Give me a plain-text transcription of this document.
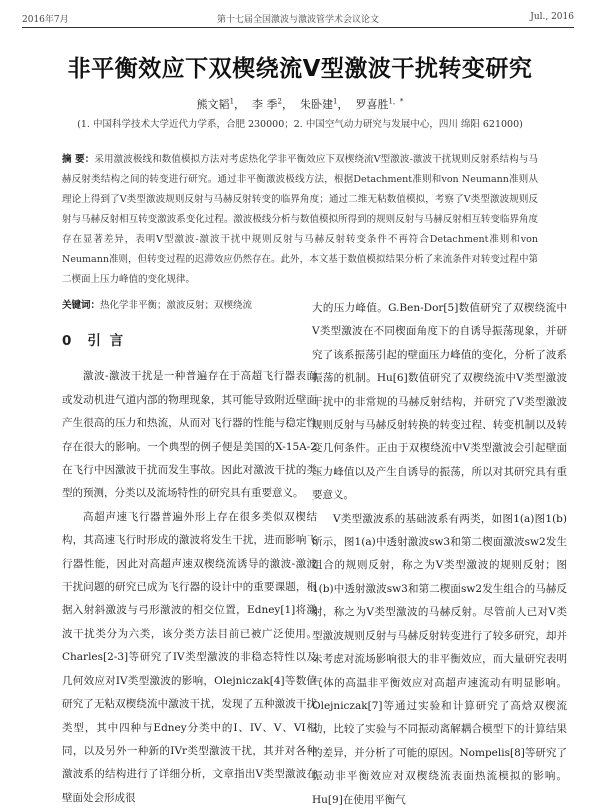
2016年7月	第十七届全国激波与激波管学术会议论文	Jul., 2016
非平衡效应下双楔绕流V型激波干扰转变研究
熊文韬$^1$，  李 季$^2$，  朱卧建$^1$，  罗喜胜$^{1,*}$
(1. 中国科学技术大学近代力学系，合肥 230000；2. 中国空气动力研究与发展中心，四川 绵阳 621000)
摘 要：采用激波极线和数值模拟方法对考虑热化学非平衡效应下双楔绕流V型激波-激波干扰规则反射系结构与马赫反射类结构之间的转变进行研究。通过非平衡激波极线方法，根据Detachment准则和von Neumann准则从理论上得到了V类型激波规则反射与马赫反射转变的临界角度；通过二维无粘数值模拟，考察了V类型激波规则反射与马赫反射相互转变激波系变化过程。激波极线分析与数值模拟所得到的规则反射与马赫反射相互转变临界角度存在显著差异，表明V型激波-激波干扰中规则反射与马赫反射转变条件不再符合Detachment准则和von Neumann准则，但转变过程的迟滞效应仍然存在。此外，本文基于数值模拟结果分析了来流条件对转变过程中第二楔面上压力峰值的变化规律。
关键词：热化学非平衡；激波反射；双楔绕流
0 引 言

激波-激波干扰是一种普遍存在于高超飞行器表面或发动机进气道内部的物理现象，其可能导致附近壁面产生很高的压力和热流，从而对飞行器的性能与稳定性存在很大的影响。一个典型的例子便是美国的X-15A-2在飞行中因激波干扰而发生事故。因此对激波干扰的类型的预测，分类以及流场特性的研究具有重要意义。

高超声速飞行器普遍外形上存在很多类似双楔结构，其高速飞行时形成的激波将发生干扰，进而影响飞行器性能，因此对高超声速双楔绕流诱导的激波-激波干扰问题的研究已成为飞行器的设计中的重要课题，根据入射斜激波与弓形激波的相交位置，Edney[1]将激波干扰类分为六类，该分类方法目前已被广泛使用。Charles[2-3]等研究了IV类型激波的非稳态特性以及几何效应对IV类型激波的影响，Olejniczak[4]等数值研究了无粘双楔绕流中激波干扰，发现了五种激波干扰类型，其中四种与Edney分类中的I、IV、V、VI相同，以及另外一种新的IVr类型激波干扰，其并对各种激波系的结构进行了详细分析，文章指出V类型激波在壁面处会形成很

大的压力峰值。G.Ben-Dor[5]数值研究了双楔绕流中V类型激波在不同楔面角度下的自诱导振荡现象，并研究了该系振荡引起的壁面压力峰值的变化，分析了波系振荡的机制。Hu[6]数值研究了双楔绕流中V类型激波干扰中的非常规的马赫反射结构，并研究了V类型激波规则反射与马赫反射转换的转变过程、转变机制以及转变几何条件。正由于双楔绕流中V类型激波会引起壁面压力峰值以及产生自诱导的振荡，所以对其研究具有重要意义。

V类型激波系的基础波系有两类，如图1(a)图1(b)所示，图1(a)中透射激波sw3和第二楔面激波sw2发生组合的规则反射，称之为V类型激波的规则反射；图1(b)中透射激波sw3和第二楔面sw2发生组合的马赫反射，称之为V类型激波的马赫反射。尽管前人已对V类型激波规则反射与马赫反射转变进行了较多研究，却并未考虑对流场影响很大的非平衡效应，而大量研究表明气体的高温非平衡效应对高超声速流动有明显影响。Olejniczak[7]等通过实验和计算研究了高焓双楔流动，比较了实验与不同振动离解耦合模型下的计算结果的差异，并分析了可能的原因。Nompelis[8]等研究了振动非平衡效应对双楔绕流表面热流模拟的影响。Hu[9]在使用平衡气
